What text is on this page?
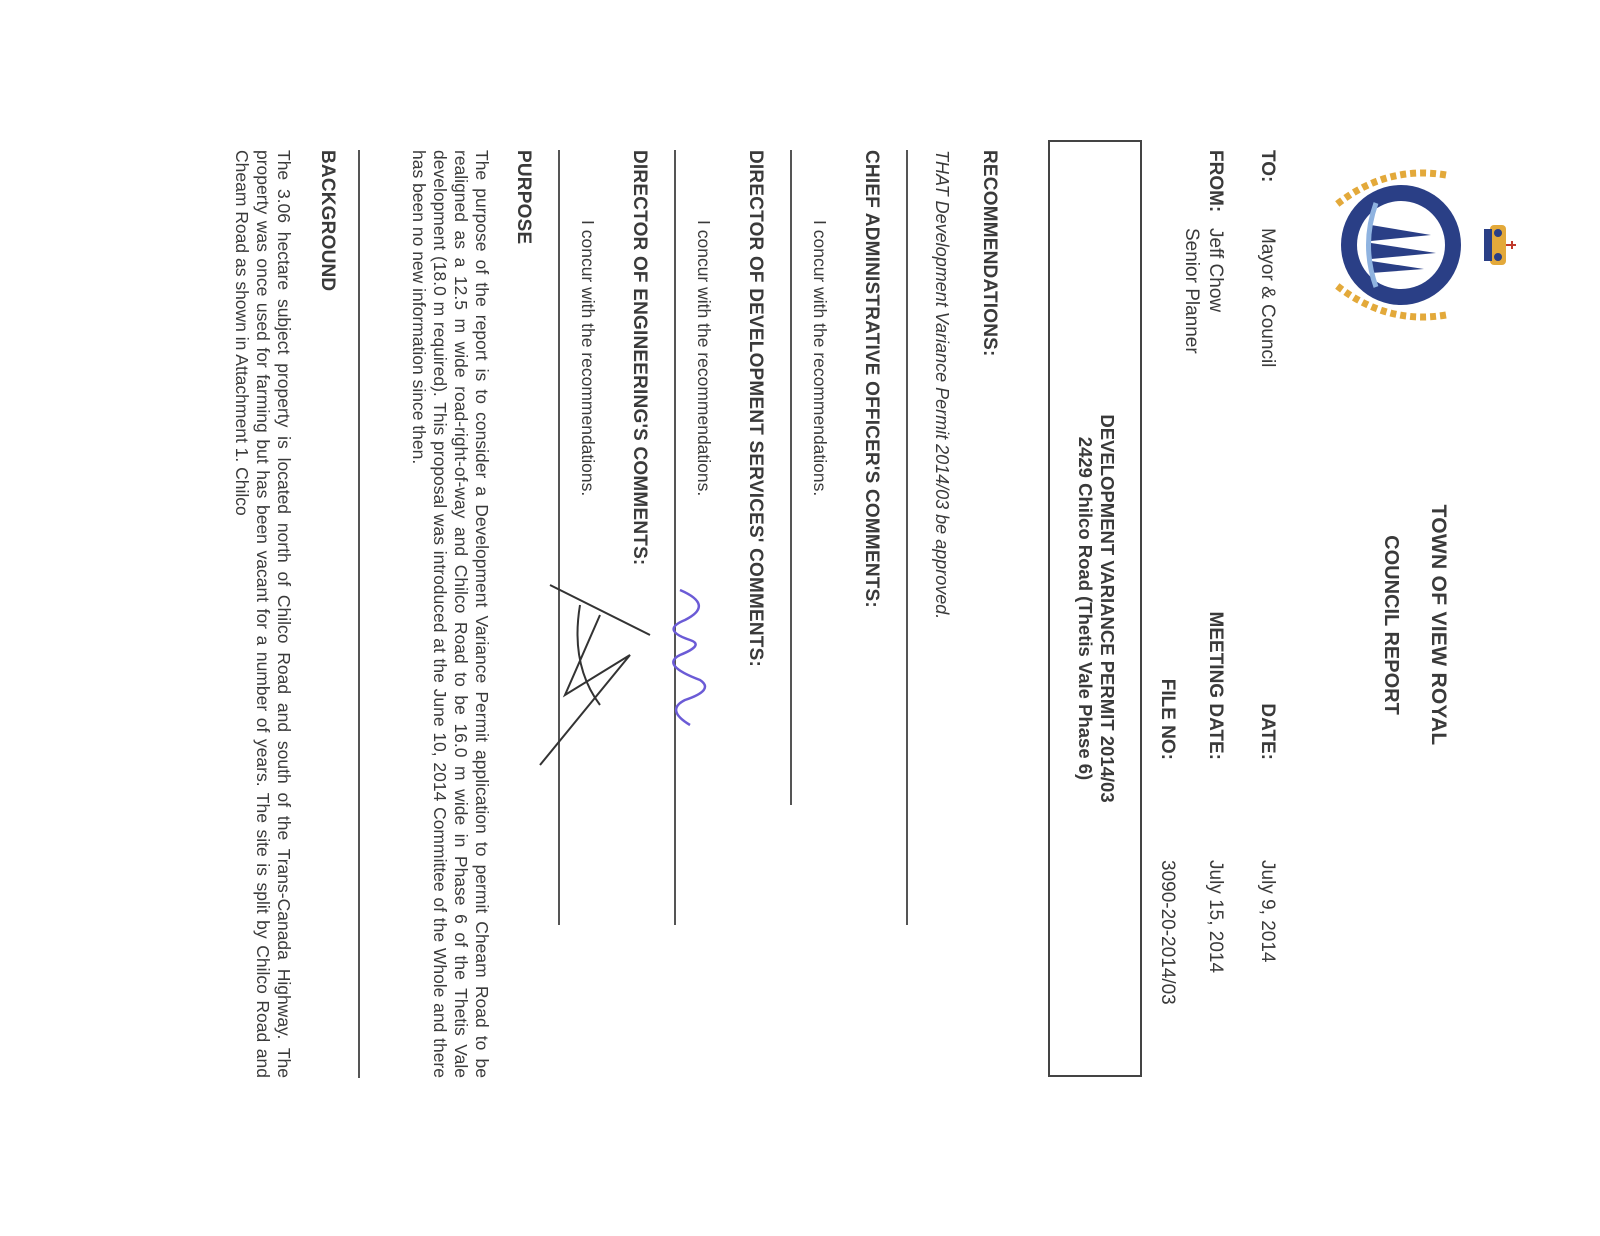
TOWN OF VIEW ROYAL
COUNCIL REPORT
TO:
Mayor & Council
FROM:
Jeff Chow
Senior Planner
DATE:
July 9, 2014
MEETING DATE:
July 15, 2014
FILE NO:
3090-20-2014/03
DEVELOPMENT VARIANCE PERMIT 2014/03
2429 Chilco Road (Thetis Vale Phase 6)
RECOMMENDATIONS:
THAT Development Variance Permit 2014/03 be approved.
CHIEF ADMINISTRATIVE OFFICER'S COMMENTS:
I concur with the recommendations.
DIRECTOR OF DEVELOPMENT SERVICES' COMMENTS:
I concur with the recommendations.
DIRECTOR OF ENGINEERING'S COMMENTS:
I concur with the recommendations.
PURPOSE
The purpose of the report is to consider a Development Variance Permit application to permit Cheam Road to be realigned as a 12.5 m wide road-right-of-way and Chilco Road to be 16.0 m wide in Phase 6 of the Thetis Vale development (18.0 m required). This proposal was introduced at the June 10, 2014 Committee of the Whole and there has been no new information since then.
BACKGROUND
The 3.06 hectare subject property is located north of Chilco Road and south of the Trans-Canada Highway. The property was once used for farming but has been vacant for a number of years. The site is split by Chilco Road and Cheam Road as shown in Attachment 1. Chilco
